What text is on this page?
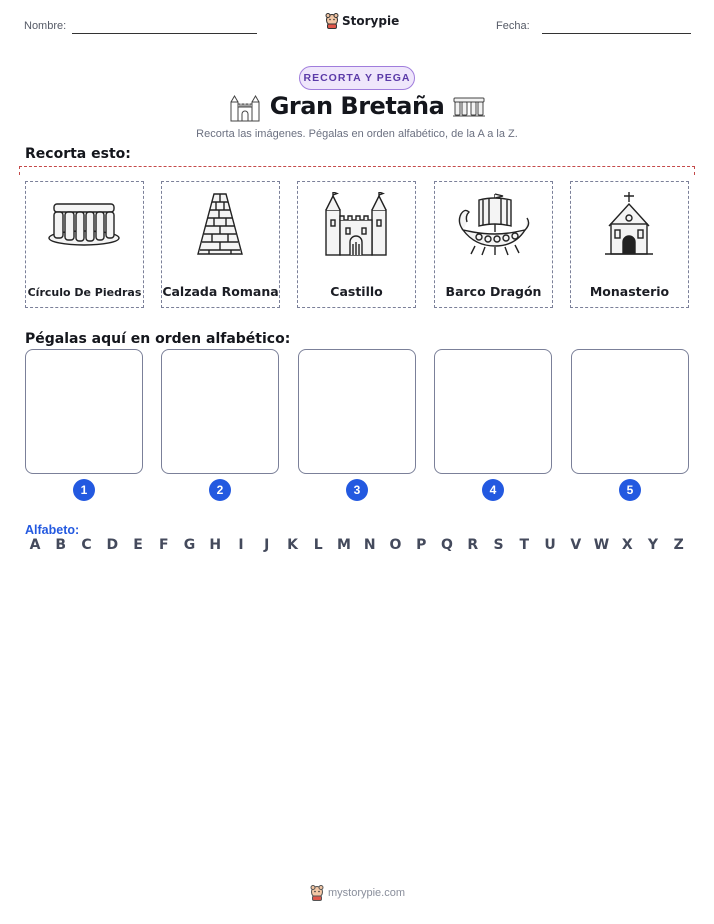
Nombre:	Storypie	Fecha:
RECORTA Y PEGA
Gran Bretaña
Recorta las imágenes. Pégalas en orden alfabético, de la A a la Z.
Recorta esto:
Círculo De Piedras Calzada Romana	Castillo	Barco Dragón	Monasterio
Pégalas aquí en orden alfabético:
1	2	3	4	5
Alfabeto:
A	B	C	D	E	F	G	H	I	J	K	L	M N O	P	Q	R	S	T	U	V W X	Y	Z
mystorypie.com
